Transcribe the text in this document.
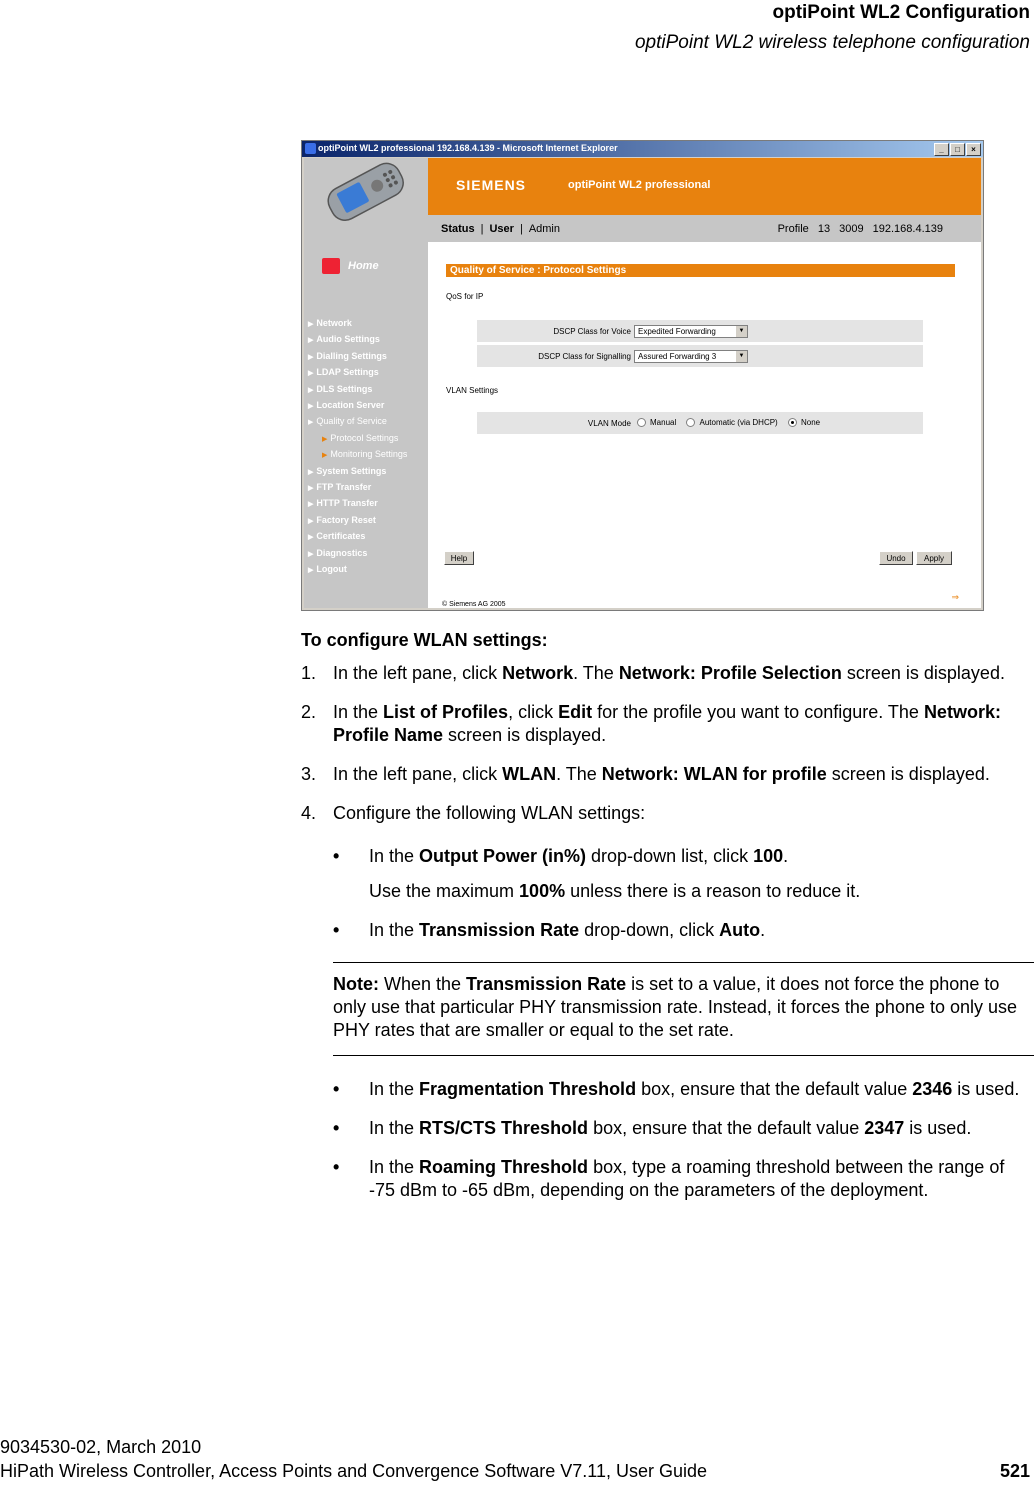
optiPoint WL2 Configuration
optiPoint WL2 wireless telephone configuration
optiPoint WL2 professional 192.168.4.139 - Microsoft Internet Explorer	_	□	×
Home
▶ Network
▶ Audio Settings
▶ Dialling Settings
▶ LDAP Settings
▶ DLS Settings
▶ Location Server
▶ Quality of Service
▶ Protocol Settings
▶ Monitoring Settings
▶ System Settings
▶ FTP Transfer
▶ HTTP Transfer
▶ Factory Reset
▶ Certificates
▶ Diagnostics
▶ Logout
SIEMENS	optiPoint WL2 professional
Status | User | Admin	Profile 13 3009 192.168.4.139
Quality of Service : Protocol Settings
QoS for IP
DSCP Class for Voice Expedited Forwarding	▼
DSCP Class for Signalling Assured Forwarding 3	▼
VLAN Settings
VLAN Mode	Manual	Automatic (via DHCP)	None
Help	Undo	Apply
© Siemens AG 2005
⇒
To configure WLAN settings:
1. In the left pane, click Network. The Network: Profile Selection screen is displayed.
2. In the List of Profiles, click Edit for the profile you want to configure. The Network: Profile Name screen is displayed.
3. In the left pane, click WLAN. The Network: WLAN for profile screen is displayed.
4. Configure the following WLAN settings:
• In the Output Power (in%) drop-down list, click 100.
Use the maximum 100% unless there is a reason to reduce it.
• In the Transmission Rate drop-down, click Auto.
Note: When the Transmission Rate is set to a value, it does not force the phone to only use that particular PHY transmission rate. Instead, it forces the phone to only use PHY rates that are smaller or equal to the set rate.
• In the Fragmentation Threshold box, ensure that the default value 2346 is used.
• In the RTS/CTS Threshold box, ensure that the default value 2347 is used.
• In the Roaming Threshold box, type a roaming threshold between the range of -75 dBm to -65 dBm, depending on the parameters of the deployment.
9034530-02, March 2010
HiPath Wireless Controller, Access Points and Convergence Software V7.11, User Guide	521
